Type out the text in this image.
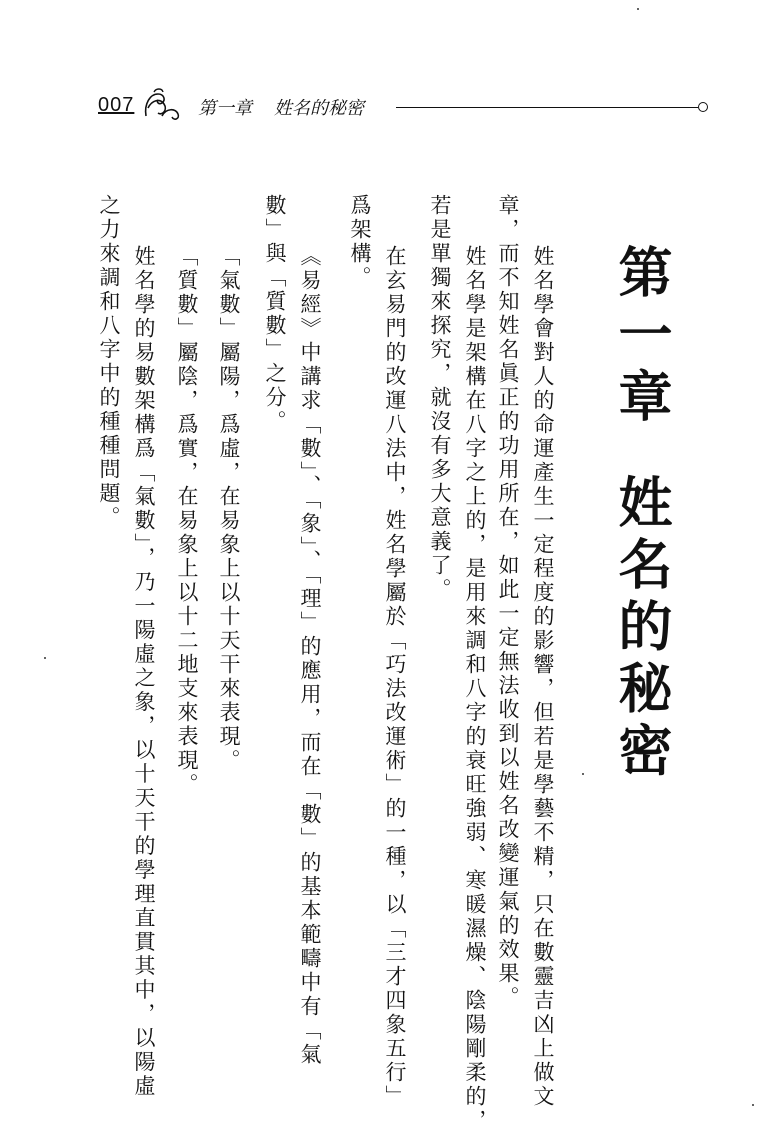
007	第一章 姓名的秘密
第一章姓名的秘密
姓名學會對人的命運產生一定程度的影響，但若是學藝不精，只在數靈吉凶上做文
章，而不知姓名眞正的功用所在，如此一定無法收到以姓名改變運氣的效果。
姓名學是架構在八字之上的，是用來調和八字的衰旺強弱、寒暖濕燥、陰陽剛柔的，
若是單獨來探究，就沒有多大意義了。
在玄易門的改運八法中，姓名學屬於「巧法改運術」的一種，以「三才四象五行」
爲架構。
《易經》中講求「數」、「象」、「理」的應用，而在「數」的基本範疇中有「氣
數」與「質數」之分。
「氣數」屬陽，爲虛，在易象上以十天干來表現。
「質數」屬陰，爲實，在易象上以十二地支來表現。
姓名學的易數架構爲「氣數」，乃一陽虛之象，以十天干的學理直貫其中，以陽虛
之力來調和八字中的種種問題。
